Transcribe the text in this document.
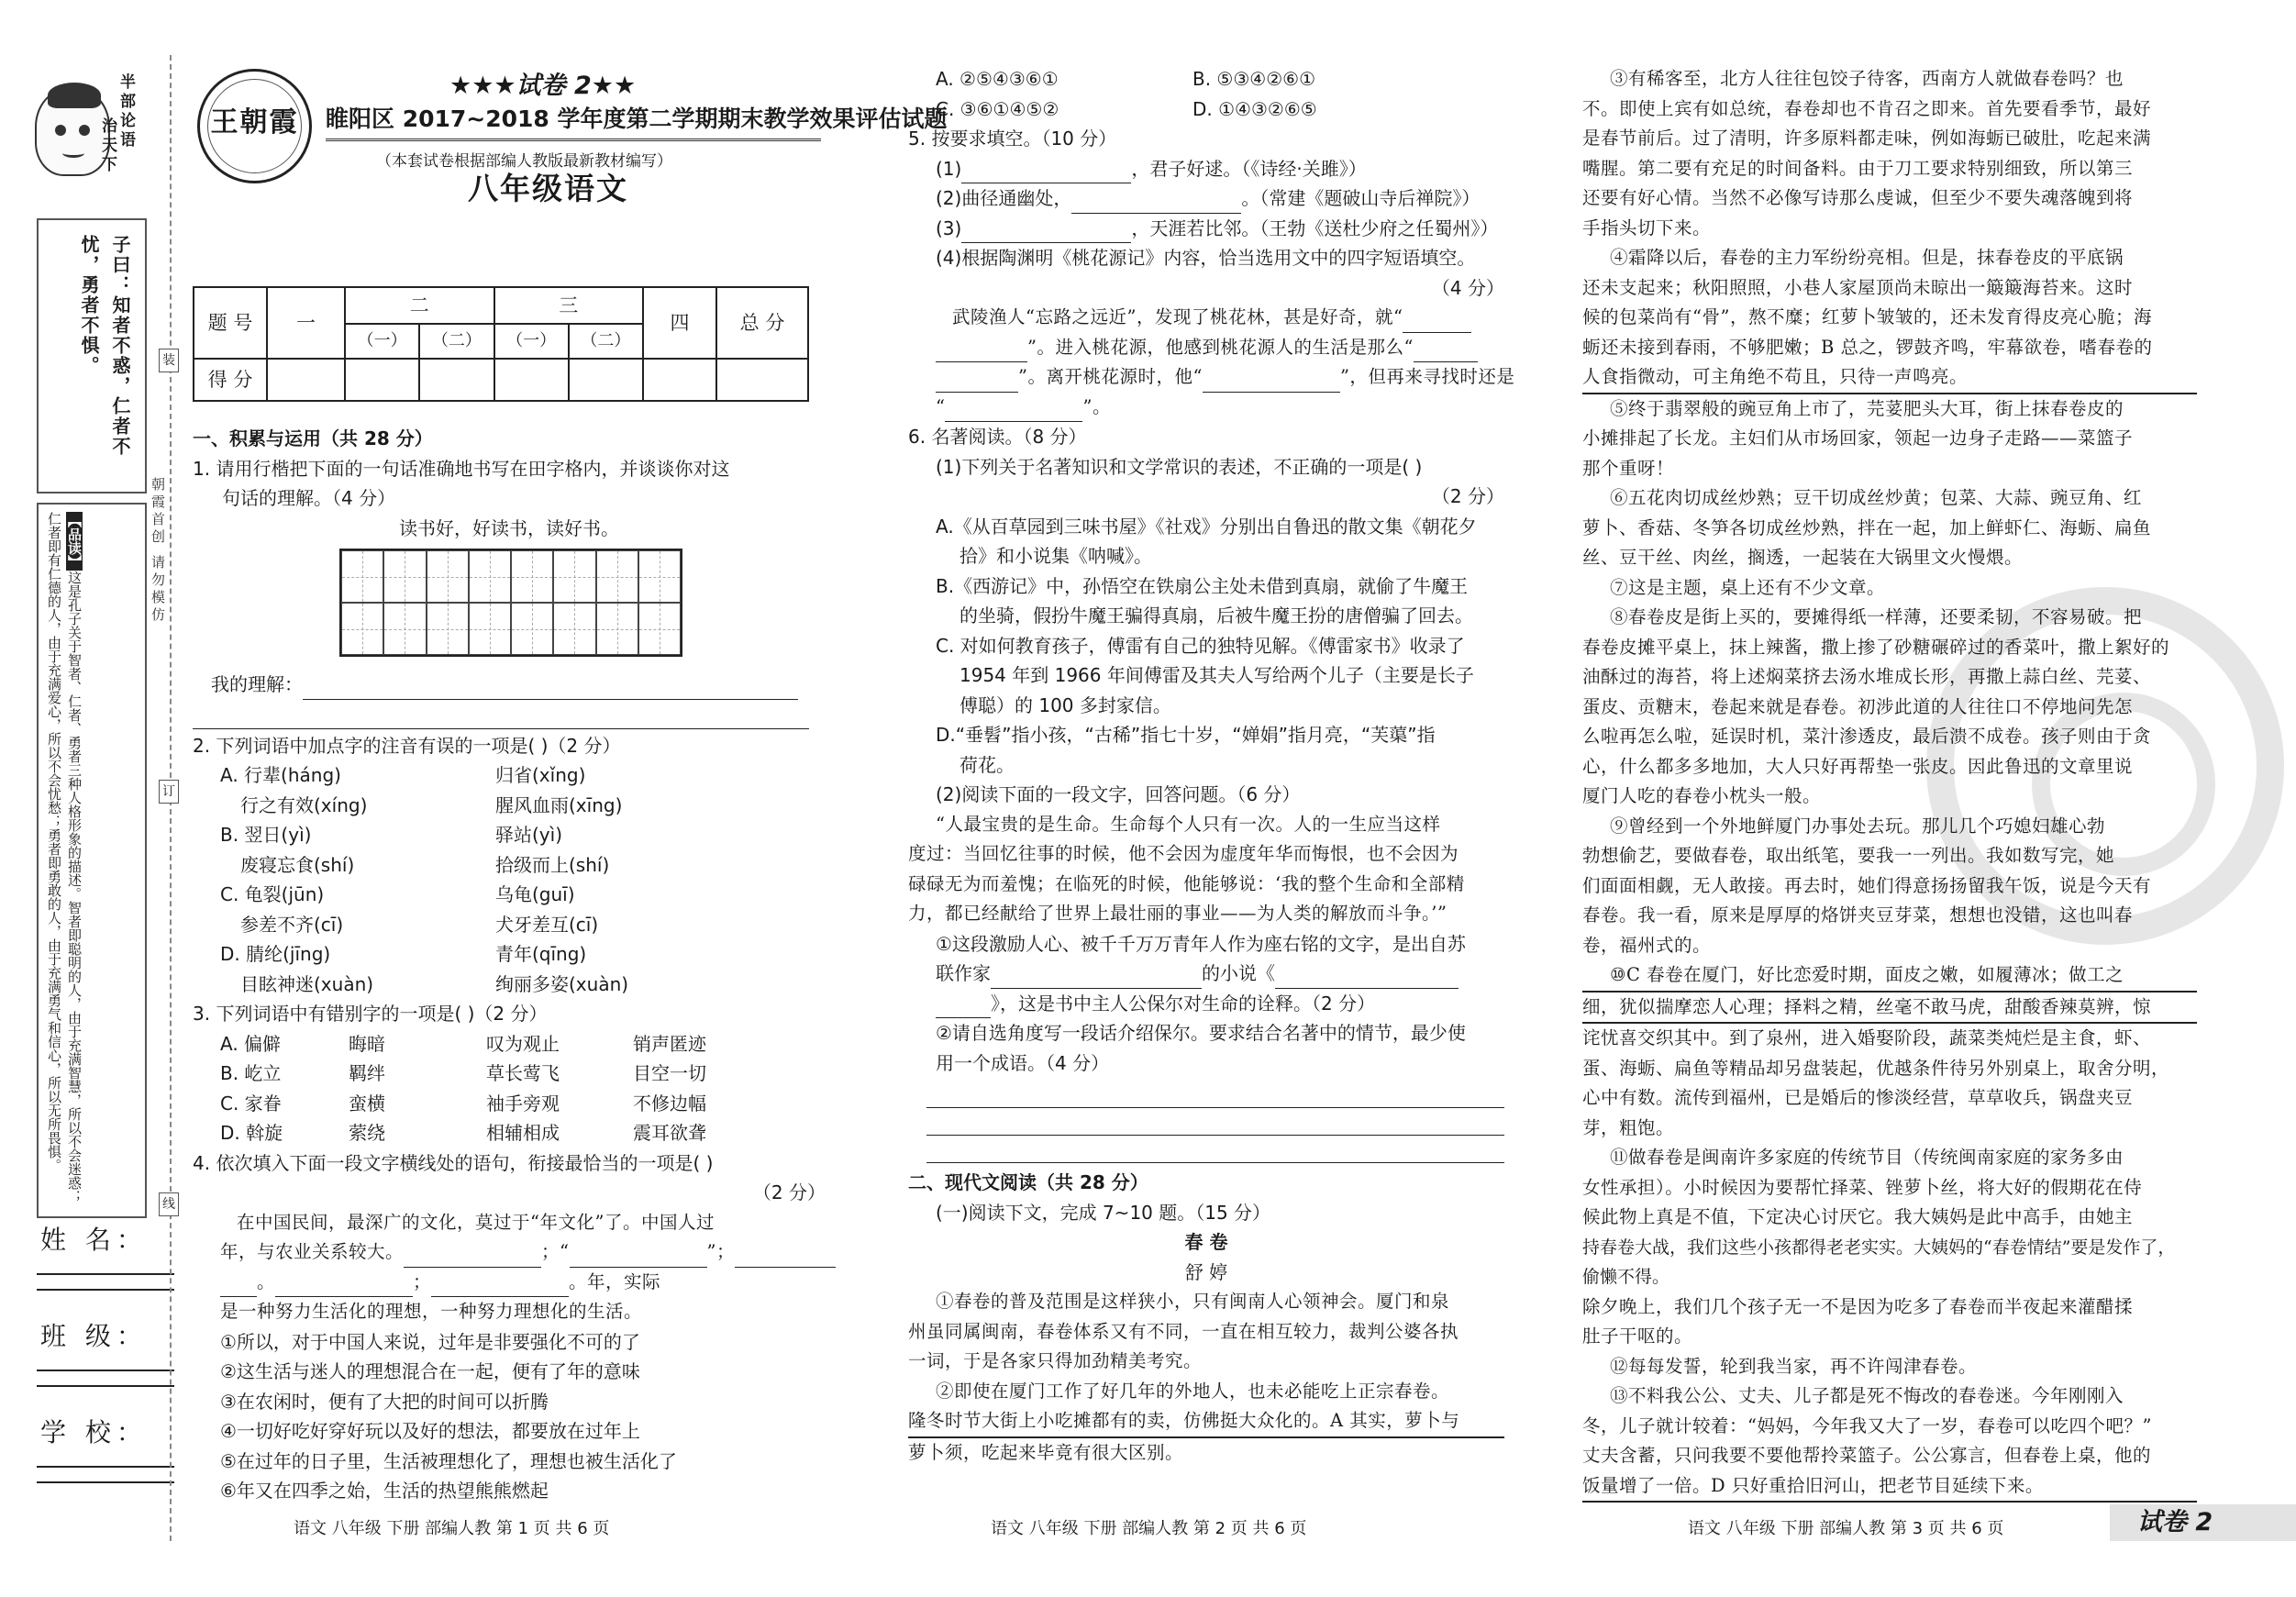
半部论语
治天下
子曰：知者不惑，仁者不
忧，勇者不惧。
【品读】这是孔子关于智者、仁者、勇者三种人格形象的描述。智者即聪明的人，由于充满智慧，所以不会迷惑；仁者即有仁德的人，由于充满爱心，所以不会忧愁；勇者即勇敢的人，由于充满勇气和信心，所以无所畏惧。
姓 名：
班 级：
学 校：
朝霞首创 请勿模仿
装
订
线
王朝霞
★★★试卷 2★★
睢阳区 2017~2018 学年度第二学期期末教学效果评估试题
（本套试卷根据部编人教版最新教材编写）
八年级语文
题 号	一	二		三		四	总 分
		（一）	（二）	（一）	（二）		
得 分							

一、积累与运用（共 28 分）

1. 请用行楷把下面的一句话准确地书写在田字格内，并谈谈你对这

句话的理解。（4 分）

读书好，好读书，读好书。

我的理解：

2. 下列词语中加点字的注音有误的一项是( )（2 分）

A. 行辈(háng)	归省(xǐng)
行之有效(xíng)	腥风血雨(xīng)
B. 翌日(yì)	驿站(yì)
废寝忘食(shí)	拾级而上(shí)
C. 龟裂(jūn)	乌龟(guī)
参差不齐(cī)	犬牙差互(cī)
D. 腈纶(jīng)	青年(qīng)
目眩神迷(xuàn)	绚丽多姿(xuàn)

3. 下列词语中有错别字的一项是( )（2 分）

A. 偏僻	晦暗	叹为观止	销声匿迹
B. 屹立	羁绊	草长莺飞	目空一切
C. 家眷	蛮横	袖手旁观	不修边幅
D. 斡旋	萦绕	相辅相成	震耳欲聋

4. 依次填入下面一段文字横线处的语句，衔接最恰当的一项是( )

（2 分）

在中国民间，最深广的文化，莫过于“年文化”了。中国人过

年，与农业关系较大。	；“	”；

。	；	。年，实际

是一种努力生活化的理想，一种努力理想化的生活。

①所以，对于中国人来说，过年是非要强化不可的了

②这生活与迷人的理想混合在一起，便有了年的意味

③在农闲时，便有了大把的时间可以折腾

④一切好吃好穿好玩以及好的想法，都要放在过年上

⑤在过年的日子里，生活被理想化了，理想也被生活化了

⑥年又在四季之始，生活的热望熊熊燃起

A. ②⑤④③⑥①	B. ⑤③④②⑥①
C. ③⑥①④⑤②	D. ①④③②⑥⑤

5. 按要求填空。（10 分）

(1)	，君子好逑。（《诗经·关雎》）

(2)曲径通幽处，	。（常建《题破山寺后禅院》）

(3)	，天涯若比邻。（王勃《送杜少府之任蜀州》）

(4)根据陶渊明《桃花源记》内容，恰当选用文中的四字短语填空。

（4 分）

武陵渔人“忘路之远近”，发现了桃花林，甚是好奇，就“

”。进入桃花源，他感到桃花源人的生活是那么“

”。离开桃花源时，他“	”，但再来寻找时还是

“	”。

6. 名著阅读。（8 分）

(1)下列关于名著知识和文学常识的表述，不正确的一项是( )

（2 分）

A.《从百草园到三味书屋》《社戏》分别出自鲁迅的散文集《朝花夕

拾》和小说集《呐喊》。

B.《西游记》中，孙悟空在铁扇公主处未借到真扇，就偷了牛魔王

的坐骑，假扮牛魔王骗得真扇，后被牛魔王扮的唐僧骗了回去。

C. 对如何教育孩子，傅雷有自己的独特见解。《傅雷家书》收录了

1954 年到 1966 年间傅雷及其夫人写给两个儿子（主要是长子

傅聪）的 100 多封家信。

D.“垂髫”指小孩，“古稀”指七十岁，“婵娟”指月亮，“芙蕖”指

荷花。

(2)阅读下面的一段文字，回答问题。（6 分）

“人最宝贵的是生命。生命每个人只有一次。人的一生应当这样

度过：当回忆往事的时候，他不会因为虚度年华而悔恨，也不会因为

碌碌无为而羞愧；在临死的时候，他能够说：‘我的整个生命和全部精

力，都已经献给了世界上最壮丽的事业——为人类的解放而斗争。’”

①这段激励人心、被千千万万青年人作为座右铭的文字，是出自苏

联作家	的小说《

》，这是书中主人公保尔对生命的诠释。（2 分）

②请自选角度写一段话介绍保尔。要求结合名著中的情节，最少使

用一个成语。（4 分）

二、现代文阅读（共 28 分）

(一)阅读下文，完成 7~10 题。（15 分）

春 卷

舒 婷

①春卷的普及范围是这样狭小，只有闽南人心领神会。厦门和泉

州虽同属闽南，春卷体系又有不同，一直在相互较力，裁判公婆各执

一词，于是各家只得加劲精美考究。

②即使在厦门工作了好几年的外地人，也未必能吃上正宗春卷。

隆冬时节大街上小吃摊都有的卖，仿佛挺大众化的。A 其实，萝卜与

萝卜须，吃起来毕竟有很大区别。

③有稀客至，北方人往往包饺子待客，西南方人就做春卷吗？也

不。即使上宾有如总统，春卷却也不肯召之即来。首先要看季节，最好

是春节前后。过了清明，许多原料都走味，例如海蛎已破肚，吃起来满

嘴腥。第二要有充足的时间备料。由于刀工要求特别细致，所以第三

还要有好心情。当然不必像写诗那么虔诚，但至少不要失魂落魄到将

手指头切下来。

④霜降以后，春卷的主力军纷纷亮相。但是，抹春卷皮的平底锅

还未支起来；秋阳照照，小巷人家屋顶尚未晾出一簸簸海苔来。这时

候的包菜尚有“骨”，熬不糜；红萝卜皱皱的，还未发育得皮亮心脆；海

蛎还未接到春雨，不够肥嫩；B 总之，锣鼓齐鸣，牢幕欲卷，嗜春卷的

人食指微动，可主角绝不苟且，只待一声鸣亮。

⑤终于翡翠般的豌豆角上市了，芫荽肥头大耳，街上抹春卷皮的

小摊排起了长龙。主妇们从市场回家，领起一边身子走路——菜篮子

那个重呀！

⑥五花肉切成丝炒熟；豆干切成丝炒黄；包菜、大蒜、豌豆角、红

萝卜、香菇、冬笋各切成丝炒熟，拌在一起，加上鲜虾仁、海蛎、扁鱼

丝、豆干丝、肉丝，搁透，一起装在大锅里文火慢煨。

⑦这是主题，桌上还有不少文章。

⑧春卷皮是街上买的，要摊得纸一样薄，还要柔韧，不容易破。把

春卷皮摊平桌上，抹上辣酱，撒上掺了砂糖碾碎过的香菜叶，撒上絮好的

油酥过的海苔，将上述焖菜挤去汤水堆成长形，再撒上蒜白丝、芫荽、

蛋皮、贡糖末，卷起来就是春卷。初涉此道的人往往口不停地问先怎

么啦再怎么啦，延误时机，菜汁渗透皮，最后溃不成卷。孩子则由于贪

心，什么都多多地加，大人只好再帮垫一张皮。因此鲁迅的文章里说

厦门人吃的春卷小枕头一般。

⑨曾经到一个外地鲜厦门办事处去玩。那儿几个巧媳妇雄心勃

勃想偷艺，要做春卷，取出纸笔，要我一一列出。我如数写完，她

们面面相觑，无人敢接。再去时，她们得意扬扬留我午饭，说是今天有

春卷。我一看，原来是厚厚的烙饼夹豆芽菜，想想也没错，这也叫春

卷，福州式的。

⑩C 春卷在厦门，好比恋爱时期，面皮之嫩，如履薄冰；做工之

细，犹似揣摩恋人心理；择料之精，丝毫不敢马虎，甜酸香辣莫辨，惊

诧忧喜交织其中。到了泉州，进入婚娶阶段，蔬菜类炖烂是主食，虾、

蛋、海蛎、扁鱼等精品却另盘装起，优越条件待另外别桌上，取舍分明，

心中有数。流传到福州，已是婚后的惨淡经营，草草收兵，锅盘夹豆

芽，粗饱。

⑪做春卷是闽南许多家庭的传统节目（传统闽南家庭的家务多由

女性承担）。小时候因为要帮忙择菜、锉萝卜丝，将大好的假期花在侍

候此物上真是不值，下定决心讨厌它。我大姨妈是此中高手，由她主

持春卷大战，我们这些小孩都得老老实实。大姨妈的“春卷情结”要是发作了，偷懒不得。

除夕晚上，我们几个孩子无一不是因为吃多了春卷而半夜起来灌醋揉

肚子干呕的。

⑫每每发誓，轮到我当家，再不许闯津春卷。

⑬不料我公公、丈夫、儿子都是死不悔改的春卷迷。今年刚刚入

冬，儿子就计较着：“妈妈，今年我又大了一岁，春卷可以吃四个吧？”

丈夫含蓄，只问我要不要他帮拎菜篮子。公公寡言，但春卷上桌，他的

饭量增了一倍。D 只好重拾旧河山，把老节目延续下来。

语文 八年级 下册 部编人教 第 1 页 共 6 页	语文 八年级 下册 部编人教 第 2 页 共 6 页	语文 八年级 下册 部编人教 第 3 页 共 6 页	试卷 2
